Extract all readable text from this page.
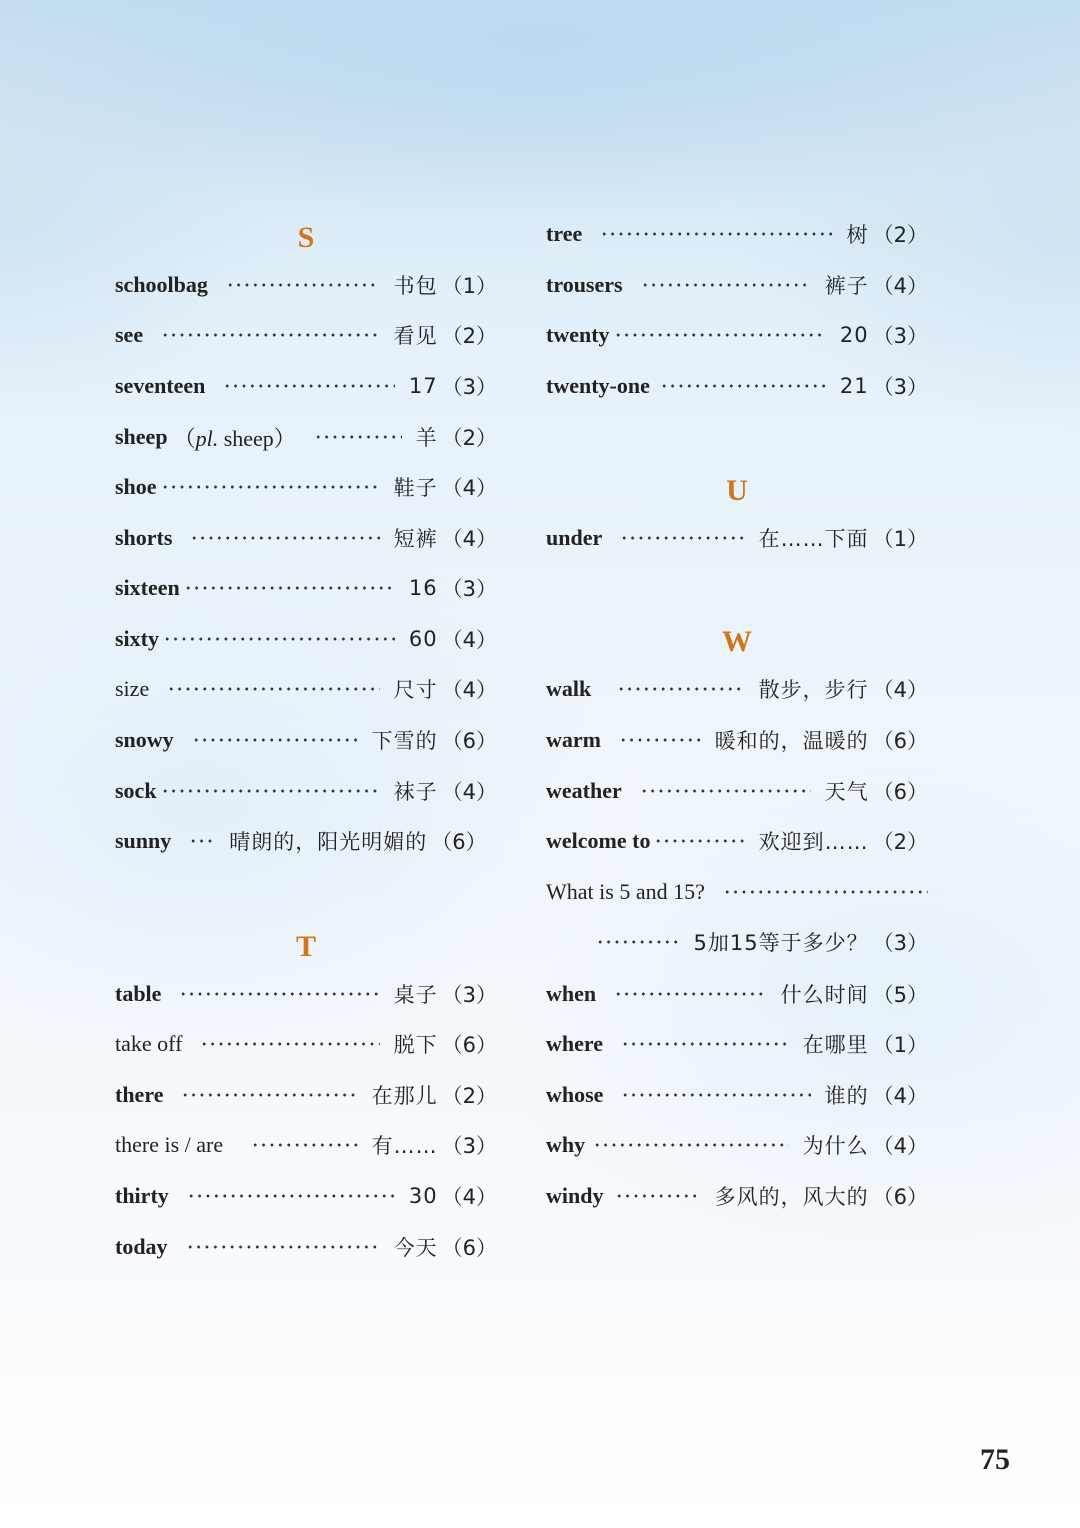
S
schoolbag	书包 （1）
see	看见 （2）
seventeen	17 （3）
sheep （pl. sheep）	羊 （2）
shoe	鞋子 （4）
shorts	短裤 （4）
sixteen	16 （3）
sixty	60 （4）
size	尺寸 （4）
snowy	下雪的 （6）
sock	袜子 （4）
sunny	晴朗的，阳光明媚的 （6）
T
table	桌子 （3）
take off	脱下 （6）
there	在那儿 （2）
there is / are	有…… （3）
thirty	30 （4）
today	今天 （6）
tree	树 （2）
trousers	裤子 （4）
twenty	20 （3）
twenty-one	21 （3）
U
under	在……下面 （1）
W
walk	散步，步行 （4）
warm	暖和的，温暖的 （6）
weather	天气 （6）
welcome to	欢迎到…… （2）
What is 5 and 15?
5加15等于多少？ （3）
when	什么时间 （5）
where	在哪里 （1）
whose	谁的 （4）
why	为什么 （4）
windy	多风的，风大的 （6）
75
